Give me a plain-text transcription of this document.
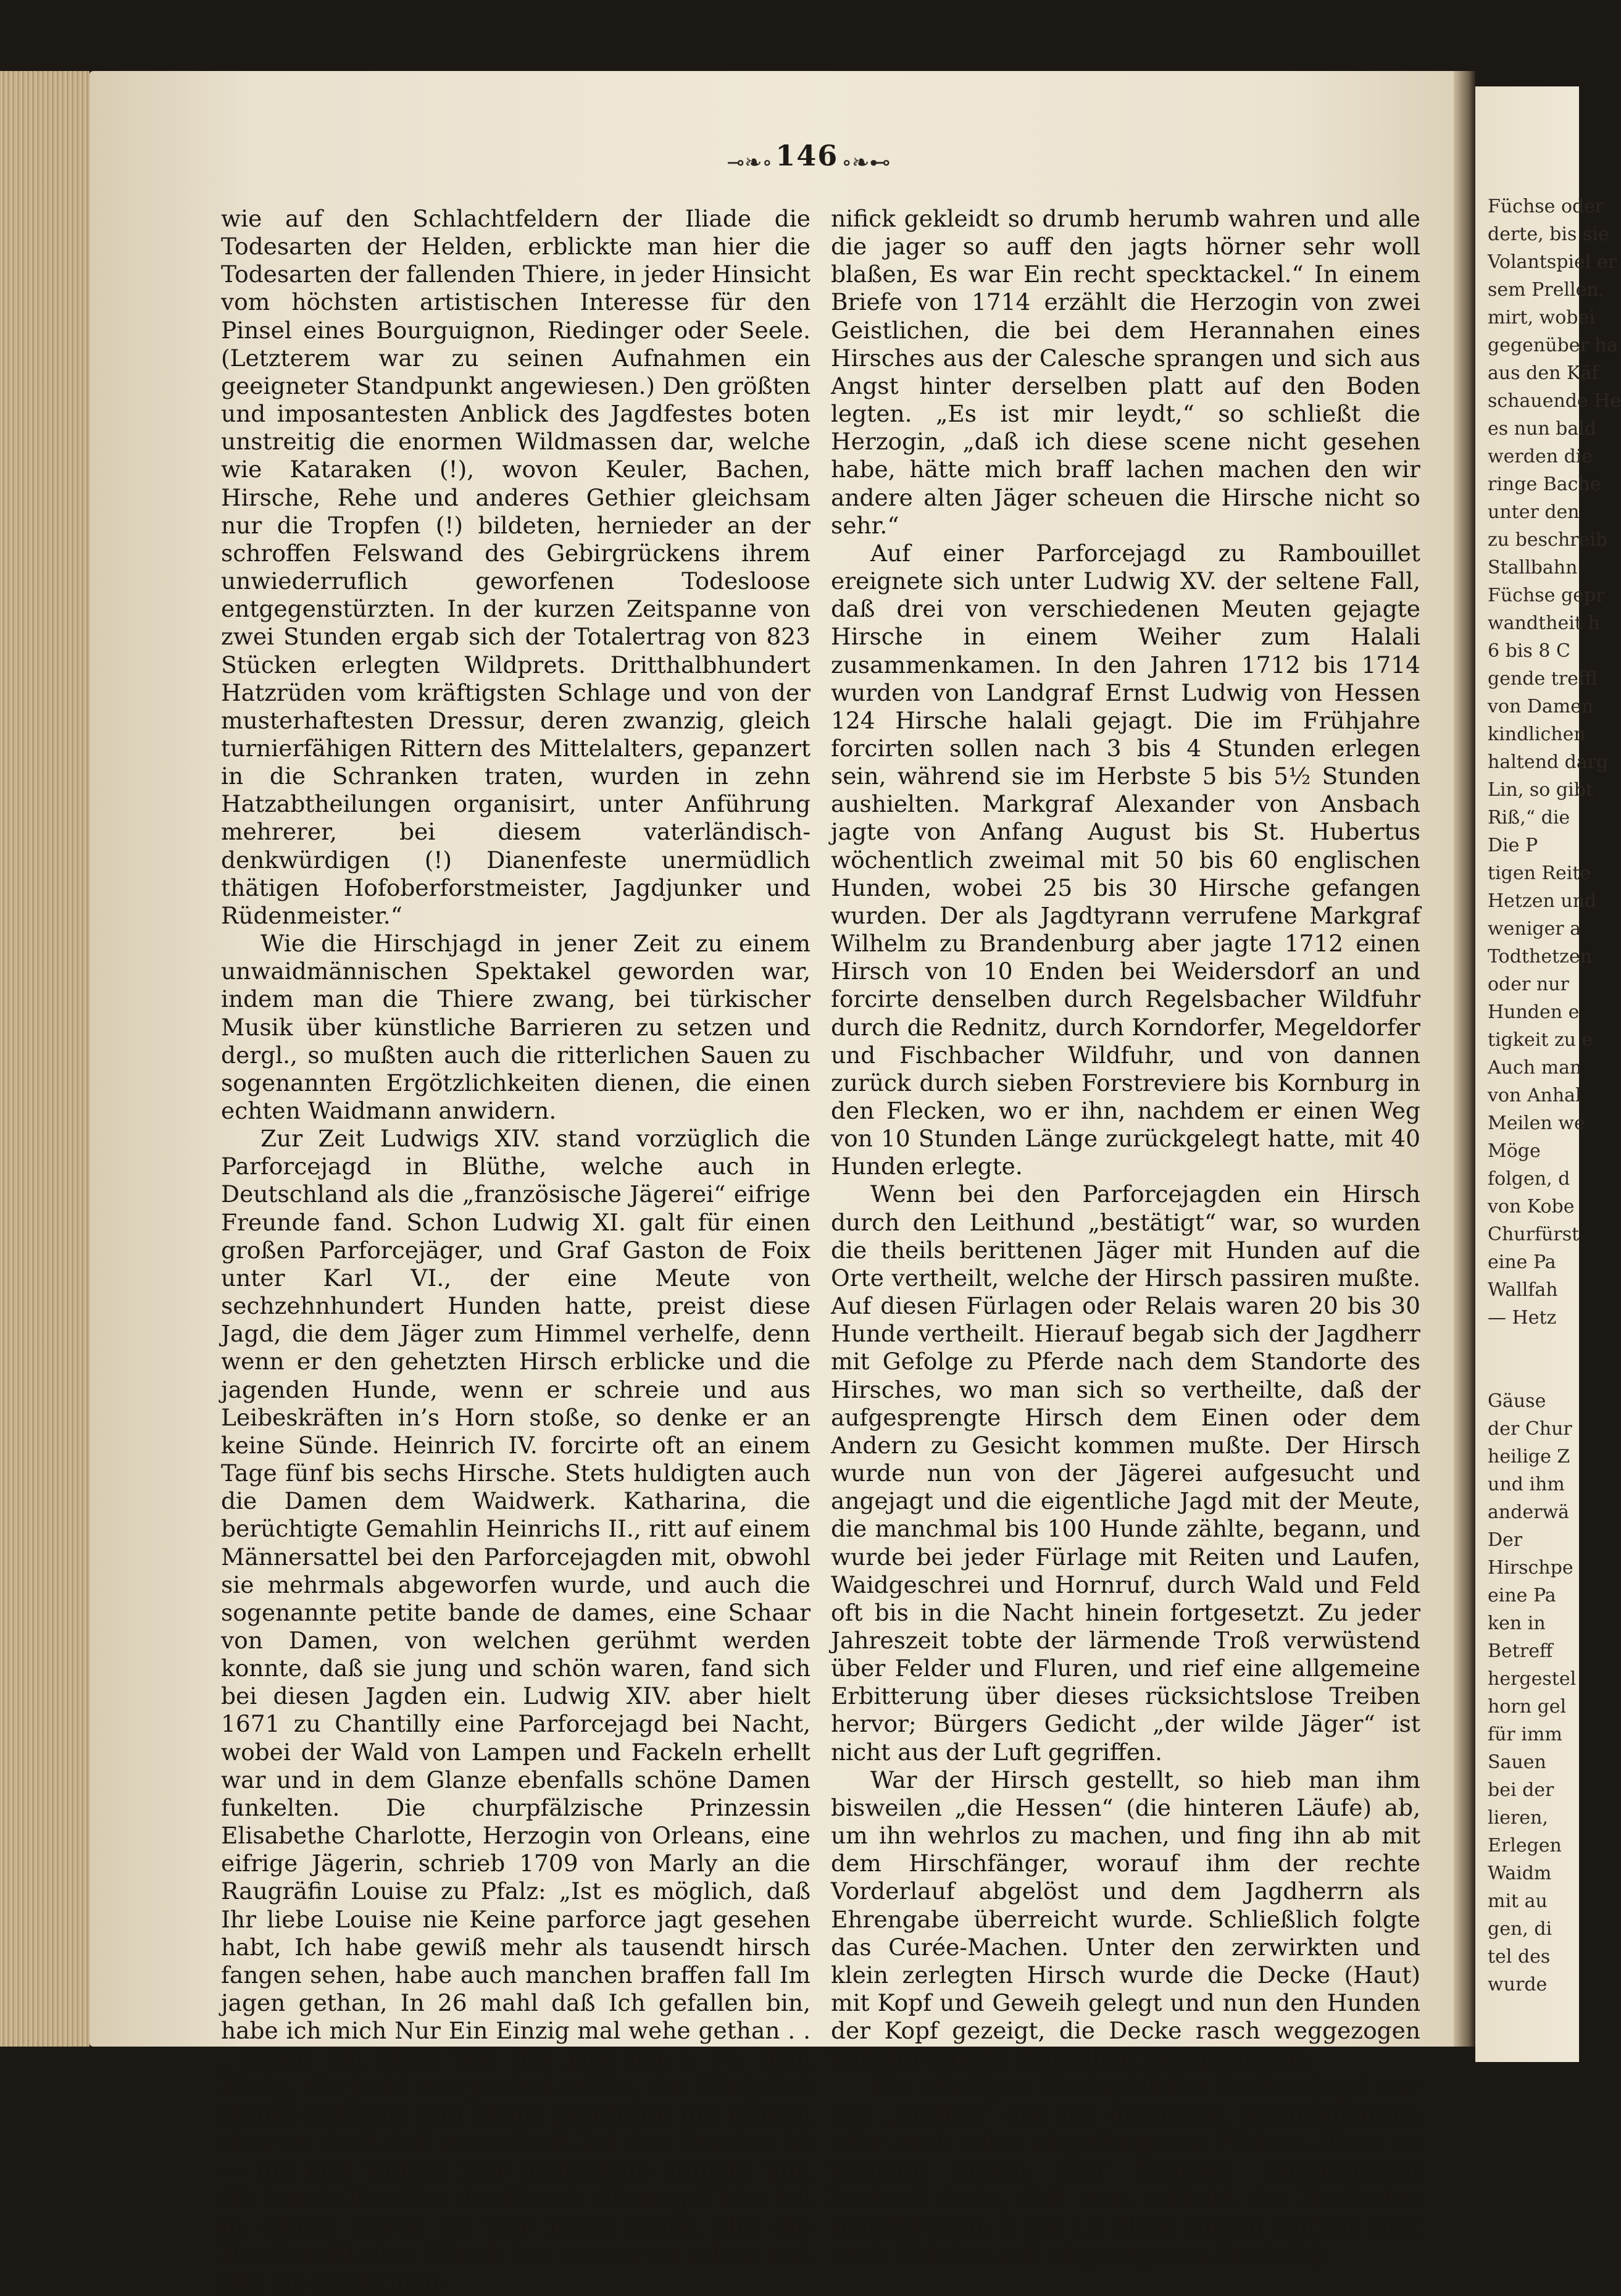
⊸❧∘ 146 ∘❧⊷

wie auf den Schlachtfeldern der Iliade die Todesarten der Helden, erblickte man hier die Todesarten der fallenden Thiere, in jeder Hinsicht vom höchsten artistischen Interesse für den Pinsel eines Bourguignon, Riedinger oder Seele. (Letzterem war zu seinen Aufnahmen ein geeigneter Standpunkt angewiesen.) Den größten und imposantesten Anblick des Jagdfestes boten unstreitig die enormen Wildmassen dar, welche wie Kataraken (!), wovon Keuler, Bachen, Hirsche, Rehe und anderes Gethier gleichsam nur die Tropfen (!) bildeten, hernieder an der schroffen Felswand des Gebirgrückens ihrem unwiederruflich geworfenen Todesloose entgegenstürzten. In der kurzen Zeitspanne von zwei Stunden ergab sich der Totalertrag von 823 Stücken erlegten Wildprets. Dritthalbhundert Hatzrüden vom kräftigsten Schlage und von der musterhaftesten Dressur, deren zwanzig, gleich turnierfähigen Rittern des Mittelalters, gepanzert in die Schranken traten, wurden in zehn Hatzabtheilungen organisirt, unter Anführung mehrerer, bei diesem vaterländisch-denkwürdigen (!) Dianenfeste unermüdlich thätigen Hofoberforstmeister, Jagdjunker und Rüdenmeister.“

Wie die Hirschjagd in jener Zeit zu einem unwaidmännischen Spektakel geworden war, indem man die Thiere zwang, bei türkischer Musik über künstliche Barrieren zu setzen und dergl., so mußten auch die ritterlichen Sauen zu sogenannten Ergötzlichkeiten dienen, die einen echten Waidmann anwidern.

Zur Zeit Ludwigs XIV. stand vorzüglich die Parforcejagd in Blüthe, welche auch in Deutschland als die „französische Jägerei“ eifrige Freunde fand. Schon Ludwig XI. galt für einen großen Parforcejäger, und Graf Gaston de Foix unter Karl VI., der eine Meute von sechzehnhundert Hunden hatte, preist diese Jagd, die dem Jäger zum Himmel verhelfe, denn wenn er den gehetzten Hirsch erblicke und die jagenden Hunde, wenn er schreie und aus Leibeskräften in’s Horn stoße, so denke er an keine Sünde. Heinrich IV. forcirte oft an einem Tage fünf bis sechs Hirsche. Stets huldigten auch die Damen dem Waidwerk. Katharina, die berüchtigte Gemahlin Heinrichs II., ritt auf einem Männersattel bei den Parforcejagden mit, obwohl sie mehrmals abgeworfen wurde, und auch die sogenannte petite bande de dames, eine Schaar von Damen, von welchen gerühmt werden konnte, daß sie jung und schön waren, fand sich bei diesen Jagden ein. Ludwig XIV. aber hielt 1671 zu Chantilly eine Parforcejagd bei Nacht, wobei der Wald von Lampen und Fackeln erhellt war und in dem Glanze ebenfalls schöne Damen funkelten. Die churpfälzische Prinzessin Elisabethe Charlotte, Herzogin von Orleans, eine eifrige Jägerin, schrieb 1709 von Marly an die Raugräfin Louise zu Pfalz: „Ist es möglich, daß Ihr liebe Louise nie Keine parforce jagt gesehen habt, Ich habe gewiß mehr als tausendt hirsch fangen sehen, habe auch manchen braffen fall Im jagen gethan, In 26 mahl daß Ich gefallen bin, habe ich mich Nur Ein Einzig mal wehe gethan . . . Kame Ich Eben Von der jagt mit I. M. dem König, die jacht war perfect schön, der König hat kleine Calesche und kleine pferdtger, die rennen aber so stark daß man allzeit bei den Hunden ist — die jagt wehrte Nur anderthalb stundte und die hunde Ersoffen den hirsch allernegst hier bei in einem weyer, es war recht schön alle die Hunde mitt dem Hirsch Ins wasser zu sehen und alle die leutte mag-

nifick gekleidt so drumb herumb wahren und alle die jager so auff den jagts hörner sehr woll blaßen, Es war Ein recht specktackel.“ In einem Briefe von 1714 erzählt die Herzogin von zwei Geistlichen, die bei dem Herannahen eines Hirsches aus der Calesche sprangen und sich aus Angst hinter derselben platt auf den Boden legten. „Es ist mir leydt,“ so schließt die Herzogin, „daß ich diese scene nicht gesehen habe, hätte mich braff lachen machen den wir andere alten Jäger scheuen die Hirsche nicht so sehr.“

Auf einer Parforcejagd zu Rambouillet ereignete sich unter Ludwig XV. der seltene Fall, daß drei von verschiedenen Meuten gejagte Hirsche in einem Weiher zum Halali zusammenkamen. In den Jahren 1712 bis 1714 wurden von Landgraf Ernst Ludwig von Hessen 124 Hirsche halali gejagt. Die im Frühjahre forcirten sollen nach 3 bis 4 Stunden erlegen sein, während sie im Herbste 5 bis 5½ Stunden aushielten. Markgraf Alexander von Ansbach jagte von Anfang August bis St. Hubertus wöchentlich zweimal mit 50 bis 60 englischen Hunden, wobei 25 bis 30 Hirsche gefangen wurden. Der als Jagdtyrann verrufene Markgraf Wilhelm zu Brandenburg aber jagte 1712 einen Hirsch von 10 Enden bei Weidersdorf an und forcirte denselben durch Regelsbacher Wildfuhr durch die Rednitz, durch Korndorfer, Megeldorfer und Fischbacher Wildfuhr, und von dannen zurück durch sieben Forstreviere bis Kornburg in den Flecken, wo er ihn, nachdem er einen Weg von 10 Stunden Länge zurückgelegt hatte, mit 40 Hunden erlegte.

Wenn bei den Parforcejagden ein Hirsch durch den Leithund „bestätigt“ war, so wurden die theils berittenen Jäger mit Hunden auf die Orte vertheilt, welche der Hirsch passiren mußte. Auf diesen Fürlagen oder Relais waren 20 bis 30 Hunde vertheilt. Hierauf begab sich der Jagdherr mit Gefolge zu Pferde nach dem Standorte des Hirsches, wo man sich so vertheilte, daß der aufgesprengte Hirsch dem Einen oder dem Andern zu Gesicht kommen mußte. Der Hirsch wurde nun von der Jägerei aufgesucht und angejagt und die eigentliche Jagd mit der Meute, die manchmal bis 100 Hunde zählte, begann, und wurde bei jeder Fürlage mit Reiten und Laufen, Waidgeschrei und Hornruf, durch Wald und Feld oft bis in die Nacht hinein fortgesetzt. Zu jeder Jahreszeit tobte der lärmende Troß verwüstend über Felder und Fluren, und rief eine allgemeine Erbitterung über dieses rücksichtslose Treiben hervor; Bürgers Gedicht „der wilde Jäger“ ist nicht aus der Luft gegriffen.

War der Hirsch gestellt, so hieb man ihm bisweilen „die Hessen“ (die hinteren Läufe) ab, um ihn wehrlos zu machen, und fing ihn ab mit dem Hirschfänger, worauf ihm der rechte Vorderlauf abgelöst und dem Jagdherrn als Ehrengabe überreicht wurde. Schließlich folgte das Curée-Machen. Unter den zerwirkten und klein zerlegten Hirsch wurde die Decke (Haut) mit Kopf und Geweih gelegt und nun den Hunden der Kopf gezeigt, die Decke rasch weggezogen und der Hirsch denselben preisgegeben.

Ein würdiges Nachspiel der Parforcejagd war das „Prellen“ der bei derselben gelegenheitlich oder auch extra eingefangenen Füchse. Diese an üppigen Höfen sehr beliebte Unterhaltung bestand darin, daß man mittelst der Prellnetze (handbreiten, 9 bis 10 Ellen langen Gurten oder auch Stricken mit eingezogenen Knebeln)

Füchse oder
derte, bis sie
Volantspiel er
sem Prellen.
mirt, wobei
gegenüber ha
aus den Käf
schauende He
es nun bald
werden die
ringe Bache
unter den
zu beschreib
Stallbahn
Füchse gepr
wandtheit h
6 bis 8 C
gende treffl
von Damen
kindlichen
haltend darg
Lin, so gibt
Riß,“ die
Die P
tigen Reite
Hetzen und
weniger a
Todthetzen
oder nur
Hunden e
tigkeit zu e
Auch man
von Anhal
Meilen we
Möge
folgen, d
von Kobe
Churfürst
eine Pa
Wallfah
— Hetz

Gäuse
der Chur
heilige Z
und ihm
anderwä
Der
Hirschpe
eine Pa
ken in
Betreff
hergestel
horn gel
für imm
Sauen
bei der
lieren,
Erlegen
Waidm
mit au
gen, di
tel des
wurde
